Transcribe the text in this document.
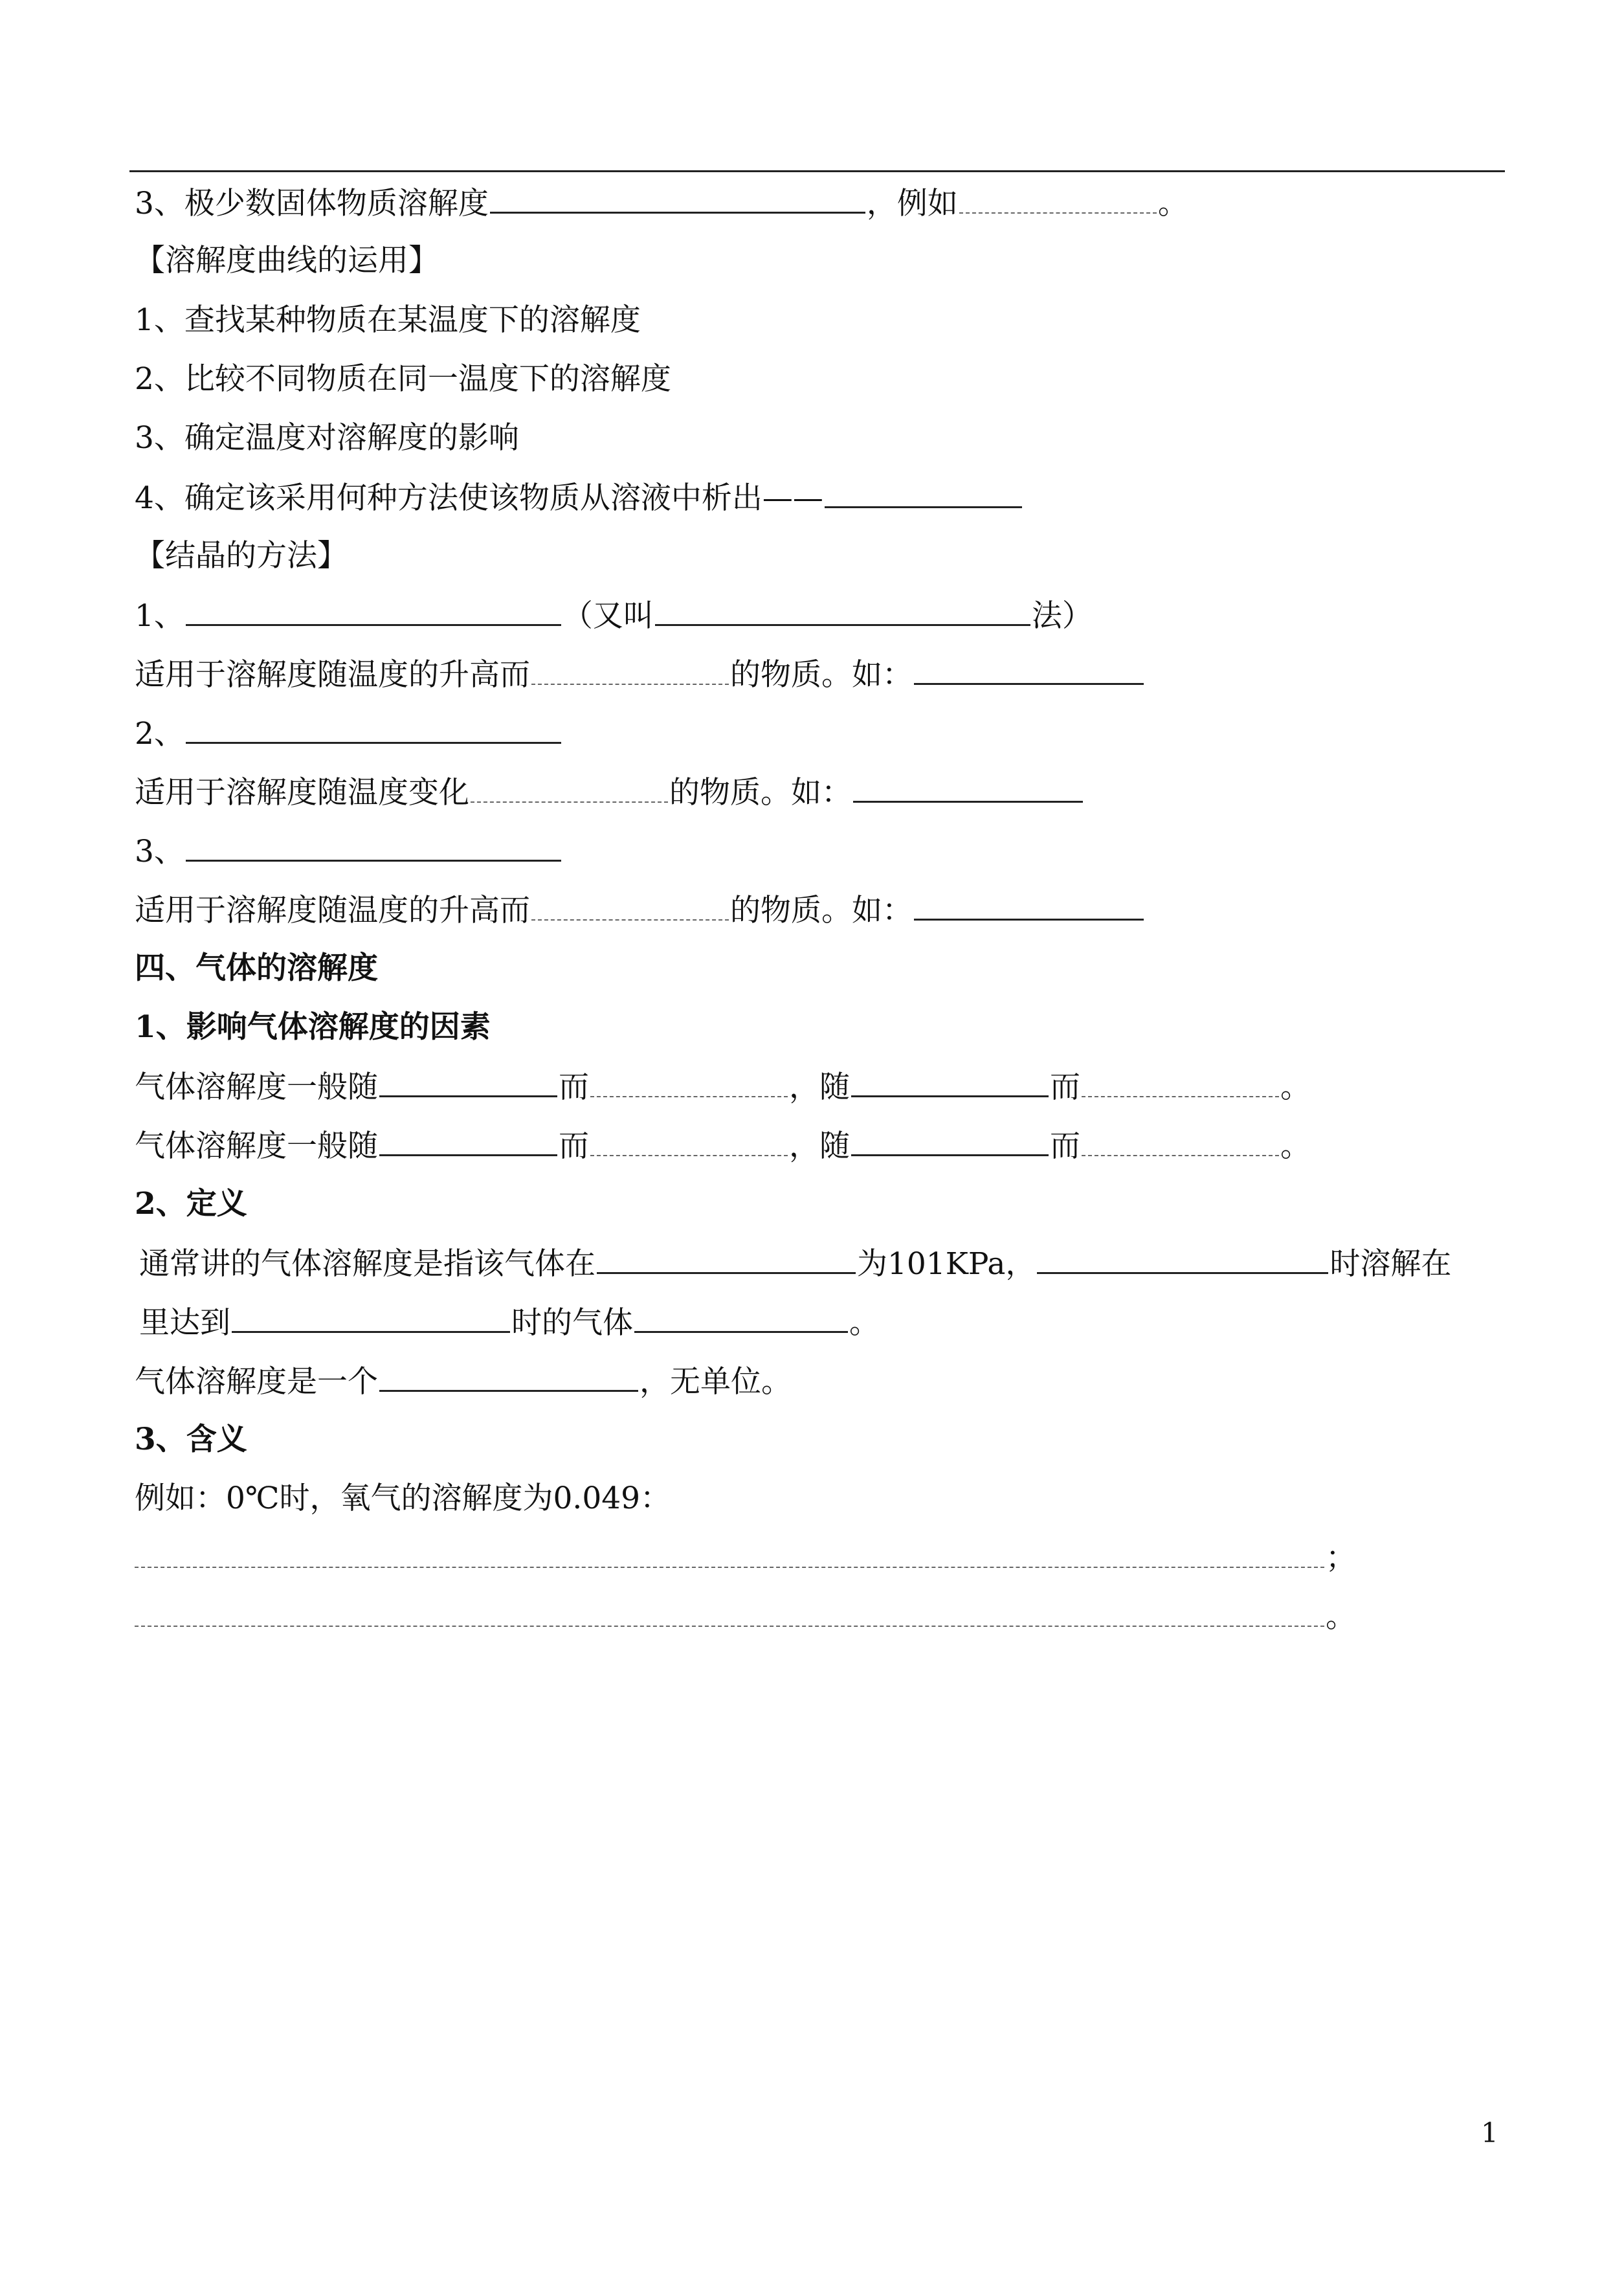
3、极少数固体物质溶解度	，例如	。
【溶解度曲线的运用】
1、查找某种物质在某温度下的溶解度
2、比较不同物质在同一温度下的溶解度
3、确定温度对溶解度的影响
4、确定该采用何种方法使该物质从溶液中析出——
【结晶的方法】
1、	（又叫	法）
适用于溶解度随温度的升高而	的物质。如：
2、
适用于溶解度随温度变化	的物质。如：
3、
适用于溶解度随温度的升高而	的物质。如：
四、气体的溶解度
1、影响气体溶解度的因素
气体溶解度一般随	而	，随	而	。
气体溶解度一般随	而	，随	而	。
2、定义
通常讲的气体溶解度是指该气体在	为101KPa，	时溶解在
里达到	时的气体	。
气体溶解度是一个	，无单位。
3、含义
例如：0℃时，氧气的溶解度为0.049：
；
。
1
